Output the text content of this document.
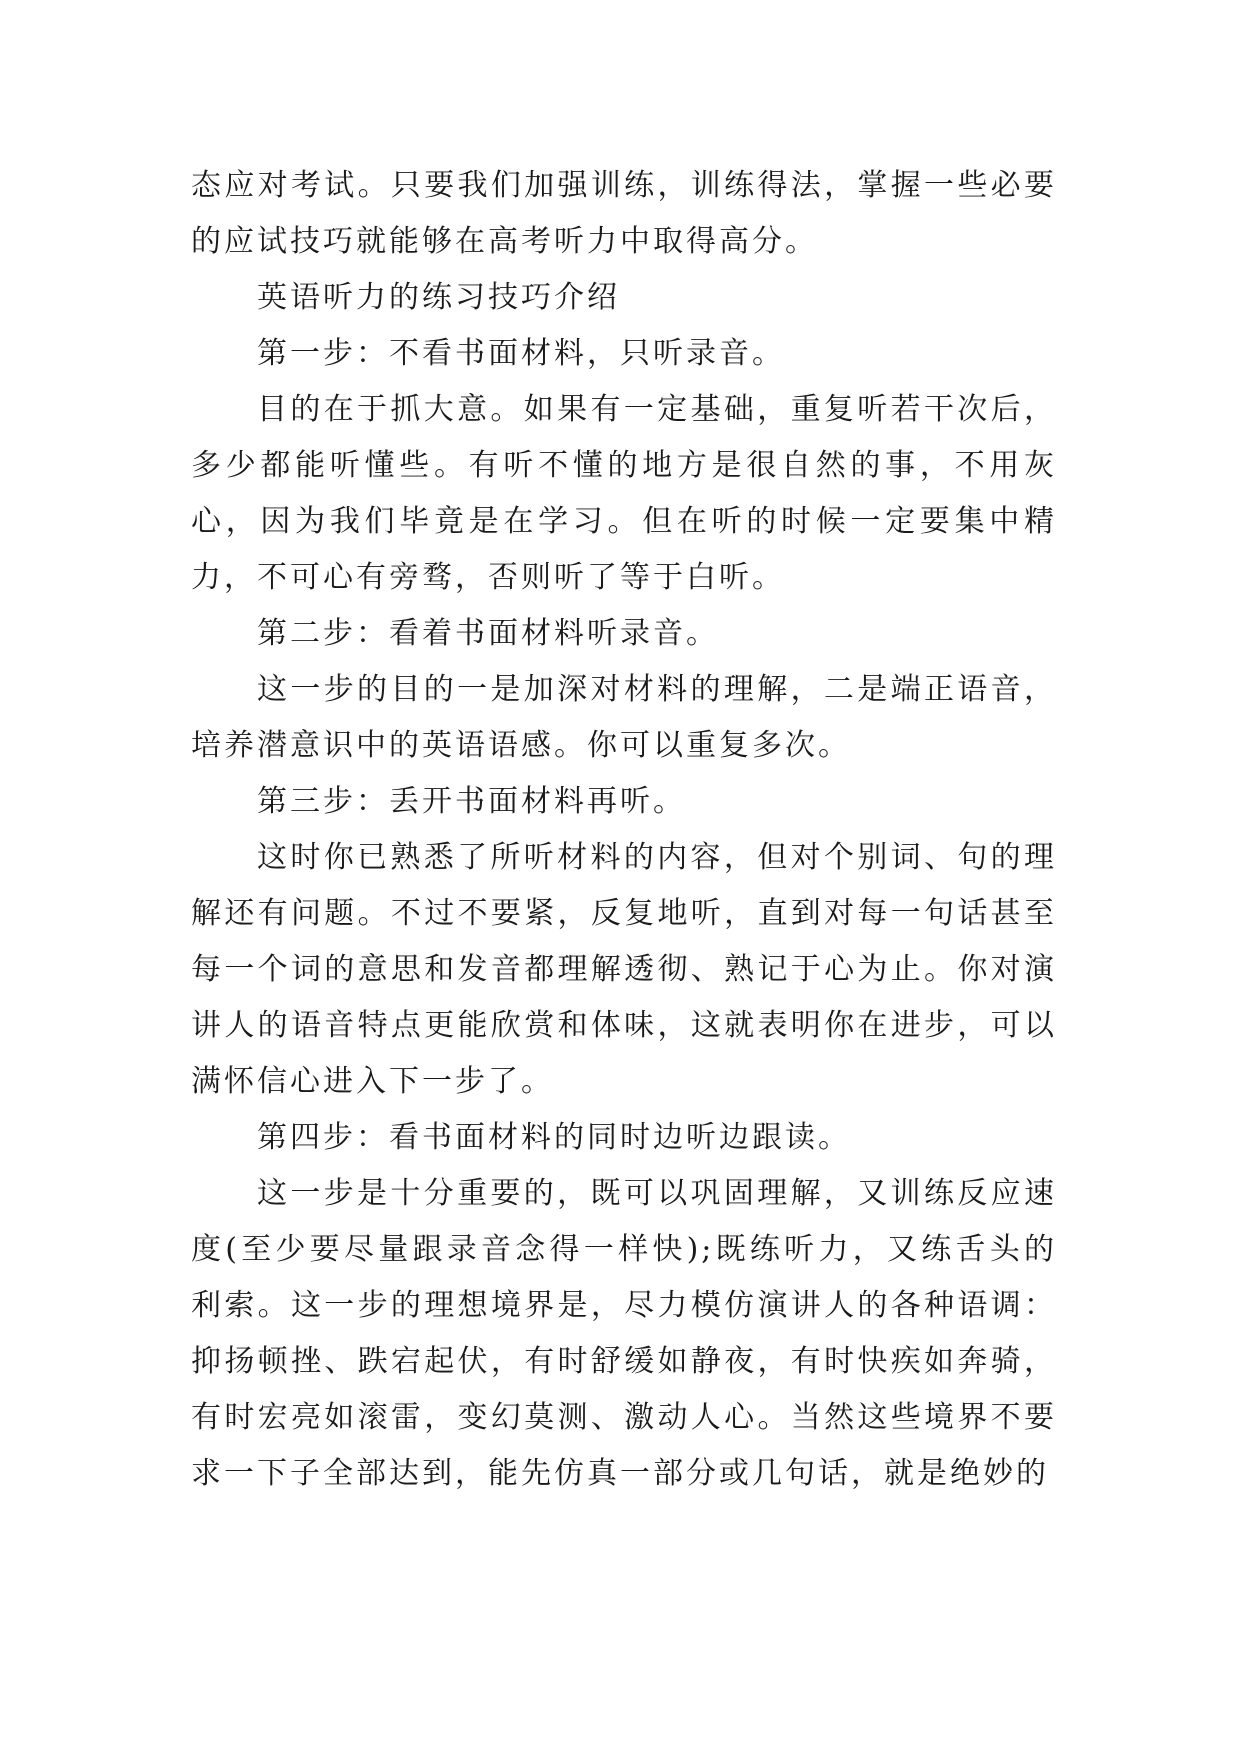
态应对考试。只要我们加强训练，训练得法，掌握一些必要的应试技巧就能够在高考听力中取得高分。

英语听力的练习技巧介绍

第一步：不看书面材料，只听录音。

目的在于抓大意。如果有一定基础，重复听若干次后，多少都能听懂些。有听不懂的地方是很自然的事，不用灰心，因为我们毕竟是在学习。但在听的时候一定要集中精力，不可心有旁骛，否则听了等于白听。

第二步：看着书面材料听录音。

这一步的目的一是加深对材料的理解，二是端正语音，培养潜意识中的英语语感。你可以重复多次。

第三步：丢开书面材料再听。

这时你已熟悉了所听材料的内容，但对个别词、句的理解还有问题。不过不要紧，反复地听，直到对每一句话甚至每一个词的意思和发音都理解透彻、熟记于心为止。你对演讲人的语音特点更能欣赏和体味，这就表明你在进步，可以满怀信心进入下一步了。

第四步：看书面材料的同时边听边跟读。

这一步是十分重要的，既可以巩固理解，又训练反应速度(至少要尽量跟录音念得一样快);既练听力，又练舌头的利索。这一步的理想境界是，尽力模仿演讲人的各种语调：抑扬顿挫、跌宕起伏，有时舒缓如静夜，有时快疾如奔骑，有时宏亮如滚雷，变幻莫测、激动人心。当然这些境界不要求一下子全部达到，能先仿真一部分或几句话，就是绝妙的
